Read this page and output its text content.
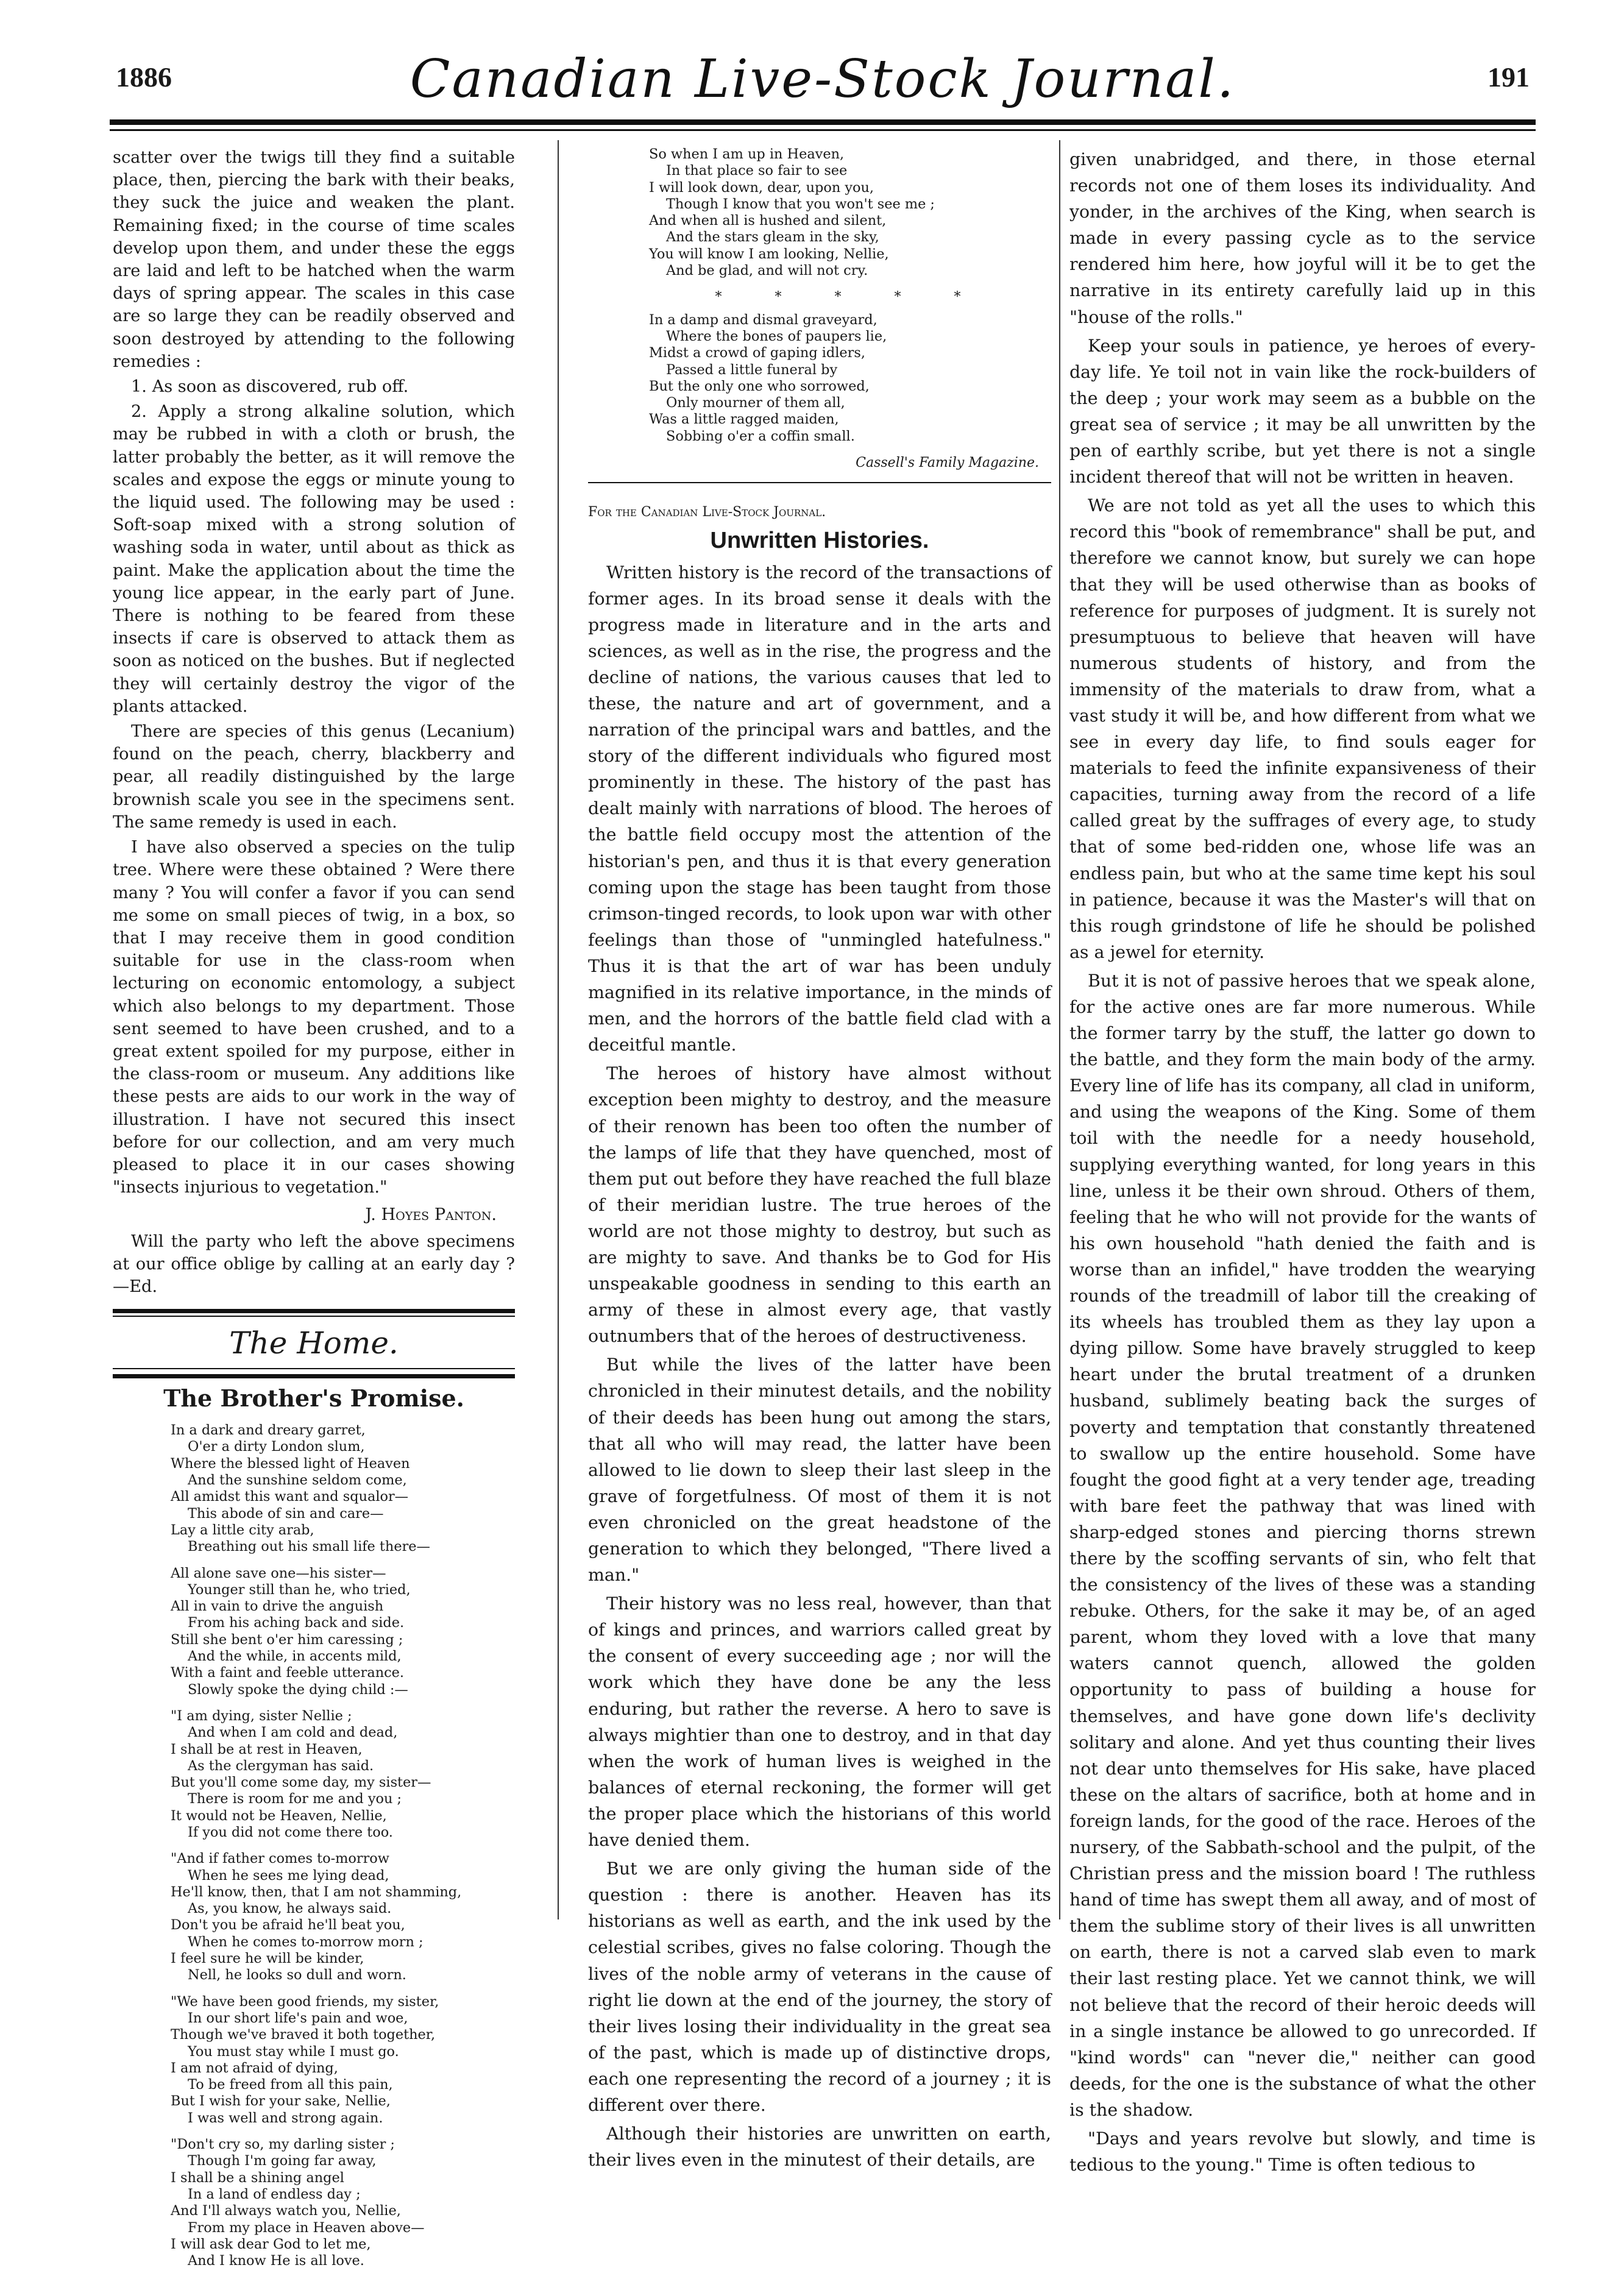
1886	Canadian Live-Stock Journal.	191

scatter over the twigs till they find a suitable place, then, piercing the bark with their beaks, they suck the juice and weaken the plant. Remaining fixed; in the course of time scales develop upon them, and under these the eggs are laid and left to be hatched when the warm days of spring appear. The scales in this case are so large they can be readily observed and soon destroyed by attending to the following remedies :

1. As soon as discovered, rub off.

2. Apply a strong alkaline solution, which may be rubbed in with a cloth or brush, the latter probably the better, as it will remove the scales and expose the eggs or minute young to the liquid used. The following may be used : Soft-soap mixed with a strong solution of washing soda in water, until about as thick as paint. Make the application about the time the young lice appear, in the early part of June. There is nothing to be feared from these insects if care is observed to attack them as soon as noticed on the bushes. But if neglected they will certainly destroy the vigor of the plants attacked.

There are species of this genus (Lecanium) found on the peach, cherry, blackberry and pear, all readily distinguished by the large brownish scale you see in the specimens sent. The same remedy is used in each.

I have also observed a species on the tulip tree. Where were these obtained ? Were there many ? You will confer a favor if you can send me some on small pieces of twig, in a box, so that I may receive them in good condition suitable for use in the class-room when lecturing on economic entomology, a subject which also belongs to my department. Those sent seemed to have been crushed, and to a great extent spoiled for my purpose, either in the class-room or museum. Any additions like these pests are aids to our work in the way of illustration. I have not secured this insect before for our collection, and am very much pleased to place it in our cases showing "insects injurious to vegetation."

J. Hoyes Panton.

Will the party who left the above specimens at our office oblige by calling at an early day ?—Ed.

The Home.
The Brother's Promise.
In a dark and dreary garret,
O'er a dirty London slum,
Where the blessed light of Heaven
And the sunshine seldom come,
All amidst this want and squalor—
This abode of sin and care—
Lay a little city arab,
Breathing out his small life there—
All alone save one—his sister—
Younger still than he, who tried,
All in vain to drive the anguish
From his aching back and side.
Still she bent o'er him caressing ;
And the while, in accents mild,
With a faint and feeble utterance.
Slowly spoke the dying child :—
"I am dying, sister Nellie ;
And when I am cold and dead,
I shall be at rest in Heaven,
As the clergyman has said.
But you'll come some day, my sister—
There is room for me and you ;
It would not be Heaven, Nellie,
If you did not come there too.
"And if father comes to-morrow
When he sees me lying dead,
He'll know, then, that I am not shamming,
As, you know, he always said.
Don't you be afraid he'll beat you,
When he comes to-morrow morn ;
I feel sure he will be kinder,
Nell, he looks so dull and worn.
"We have been good friends, my sister,
In our short life's pain and woe,
Though we've braved it both together,
You must stay while I must go.
I am not afraid of dying,
To be freed from all this pain,
But I wish for your sake, Nellie,
I was well and strong again.
"Don't cry so, my darling sister ;
Though I'm going far away,
I shall be a shining angel
In a land of endless day ;
And I'll always watch you, Nellie,
From my place in Heaven above—
I will ask dear God to let me,
And I know He is all love.
So when I am up in Heaven,
In that place so fair to see
I will look down, dear, upon you,
Though I know that you won't see me ;
And when all is hushed and silent,
And the stars gleam in the sky,
You will know I am looking, Nellie,
And be glad, and will not cry.
* * * * *
In a damp and dismal graveyard,
Where the bones of paupers lie,
Midst a crowd of gaping idlers,
Passed a little funeral by
But the only one who sorrowed,
Only mourner of them all,
Was a little ragged maiden,
Sobbing o'er a coffin small.
Cassell's Family Magazine.
For the Canadian Live-Stock Journal.
Unwritten Histories.

Written history is the record of the transactions of former ages. In its broad sense it deals with the progress made in literature and in the arts and sciences, as well as in the rise, the progress and the decline of nations, the various causes that led to these, the nature and art of government, and a narration of the principal wars and battles, and the story of the different individuals who figured most prominently in these. The history of the past has dealt mainly with narrations of blood. The heroes of the battle field occupy most the attention of the historian's pen, and thus it is that every generation coming upon the stage has been taught from those crimson-tinged records, to look upon war with other feelings than those of "unmingled hatefulness." Thus it is that the art of war has been unduly magnified in its relative importance, in the minds of men, and the horrors of the battle field clad with a deceitful mantle.

The heroes of history have almost without exception been mighty to destroy, and the measure of their renown has been too often the number of the lamps of life that they have quenched, most of them put out before they have reached the full blaze of their meridian lustre. The true heroes of the world are not those mighty to destroy, but such as are mighty to save. And thanks be to God for His unspeakable goodness in sending to this earth an army of these in almost every age, that vastly outnumbers that of the heroes of destructiveness.

But while the lives of the latter have been chronicled in their minutest details, and the nobility of their deeds has been hung out among the stars, that all who will may read, the latter have been allowed to lie down to sleep their last sleep in the grave of forgetfulness. Of most of them it is not even chronicled on the great headstone of the generation to which they belonged, "There lived a man."

Their history was no less real, however, than that of kings and princes, and warriors called great by the consent of every succeeding age ; nor will the work which they have done be any the less enduring, but rather the reverse. A hero to save is always mightier than one to destroy, and in that day when the work of human lives is weighed in the balances of eternal reckoning, the former will get the proper place which the historians of this world have denied them.

But we are only giving the human side of the question : there is another. Heaven has its historians as well as earth, and the ink used by the celestial scribes, gives no false coloring. Though the lives of the noble army of veterans in the cause of right lie down at the end of the journey, the story of their lives losing their individuality in the great sea of the past, which is made up of distinctive drops, each one representing the record of a journey ; it is different over there.

Although their histories are unwritten on earth, their lives even in the minutest of their details, are

given unabridged, and there, in those eternal records not one of them loses its individuality. And yonder, in the archives of the King, when search is made in every passing cycle as to the service rendered him here, how joyful will it be to get the narrative in its entirety carefully laid up in this "house of the rolls."

Keep your souls in patience, ye heroes of every-day life. Ye toil not in vain like the rock-builders of the deep ; your work may seem as a bubble on the great sea of service ; it may be all unwritten by the pen of earthly scribe, but yet there is not a single incident thereof that will not be written in heaven.

We are not told as yet all the uses to which this record this "book of remembrance" shall be put, and therefore we cannot know, but surely we can hope that they will be used otherwise than as books of reference for purposes of judgment. It is surely not presumptuous to believe that heaven will have numerous students of history, and from the immensity of the materials to draw from, what a vast study it will be, and how different from what we see in every day life, to find souls eager for materials to feed the infinite expansiveness of their capacities, turning away from the record of a life called great by the suffrages of every age, to study that of some bed-ridden one, whose life was an endless pain, but who at the same time kept his soul in patience, because it was the Master's will that on this rough grindstone of life he should be polished as a jewel for eternity.

But it is not of passive heroes that we speak alone, for the active ones are far more numerous. While the former tarry by the stuff, the latter go down to the battle, and they form the main body of the army. Every line of life has its company, all clad in uniform, and using the weapons of the King. Some of them toil with the needle for a needy household, supplying everything wanted, for long years in this line, unless it be their own shroud. Others of them, feeling that he who will not provide for the wants of his own household "hath denied the faith and is worse than an infidel," have trodden the wearying rounds of the treadmill of labor till the creaking of its wheels has troubled them as they lay upon a dying pillow. Some have bravely struggled to keep heart under the brutal treatment of a drunken husband, sublimely beating back the surges of poverty and temptation that constantly threatened to swallow up the entire household. Some have fought the good fight at a very tender age, treading with bare feet the pathway that was lined with sharp-edged stones and piercing thorns strewn there by the scoffing servants of sin, who felt that the consistency of the lives of these was a standing rebuke. Others, for the sake it may be, of an aged parent, whom they loved with a love that many waters cannot quench, allowed the golden opportunity to pass of building a house for themselves, and have gone down life's declivity solitary and alone. And yet thus counting their lives not dear unto themselves for His sake, have placed these on the altars of sacrifice, both at home and in foreign lands, for the good of the race. Heroes of the nursery, of the Sabbath-school and the pulpit, of the Christian press and the mission board ! The ruthless hand of time has swept them all away, and of most of them the sublime story of their lives is all unwritten on earth, there is not a carved slab even to mark their last resting place. Yet we cannot think, we will not believe that the record of their heroic deeds will in a single instance be allowed to go unrecorded. If "kind words" can "never die," neither can good deeds, for the one is the substance of what the other is the shadow.

"Days and years revolve but slowly, and time is tedious to the young." Time is often tedious to
